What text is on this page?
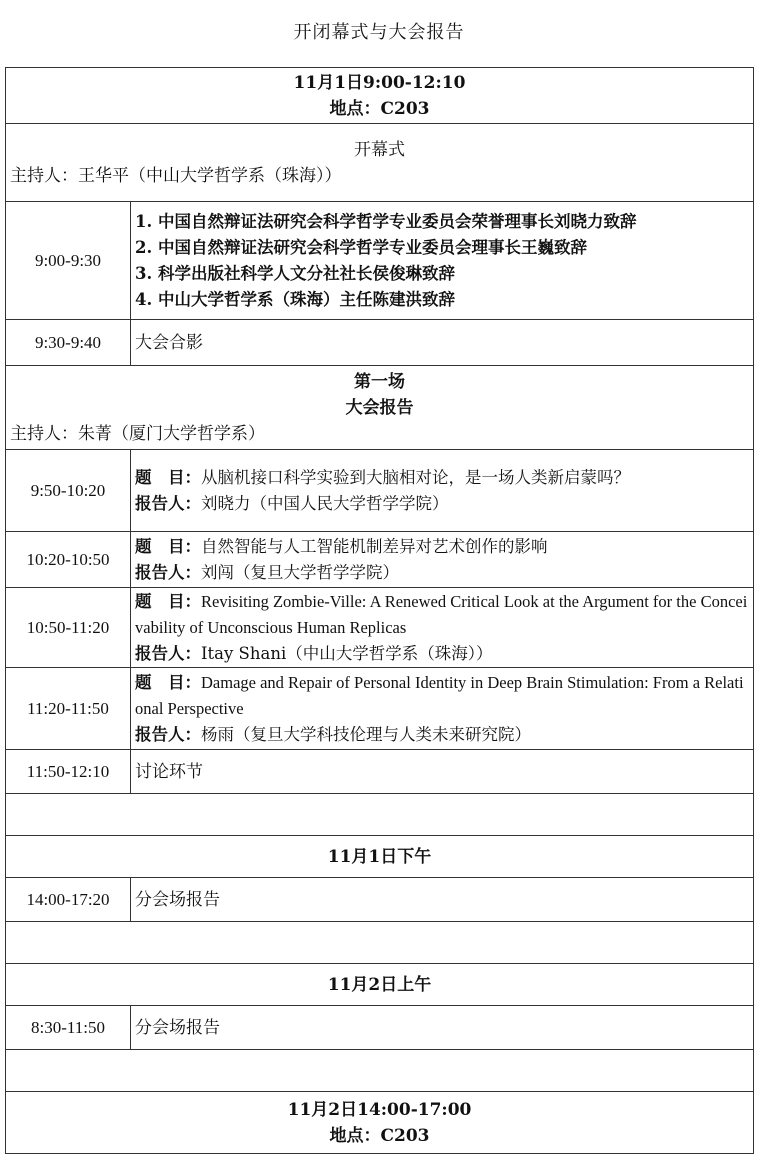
开闭幕式与大会报告
11月1日9:00-12:10
地点：C203	

开幕式
主持人：王华平（中山大学哲学系（珠海））	

9:00-9:30	1. 中国自然辩证法研究会科学哲学专业委员会荣誉理事长刘晓力致辞
2. 中国自然辩证法研究会科学哲学专业委员会理事长王巍致辞
3. 科学出版社科学人文分社社长侯俊琳致辞
4. 中山大学哲学系（珠海）主任陈建洪致辞

9:30-9:40	大会合影

第一场
大会报告
主持人：朱菁（厦门大学哲学系）	

9:50-10:20	题　目：从脑机接口科学实验到大脑相对论，是一场人类新启蒙吗？
报告人：刘晓力（中国人民大学哲学学院）

10:20-10:50	题　目：自然智能与人工智能机制差异对艺术创作的影响
报告人：刘闯（复旦大学哲学学院）

10:50-11:20	题　目：Revisiting Zombie-Ville: A Renewed Critical Look at the Argument for the Conceivability of Unconscious Human Replicas
报告人：Itay Shani（中山大学哲学系（珠海））

11:20-11:50	题　目：Damage and Repair of Personal Identity in Deep Brain Stimulation: From a Relational Perspective
报告人：杨雨（复旦大学科技伦理与人类未来研究院）

11:50-12:10	讨论环节

11月1日下午	
14:00-17:20	分会场报告

11月2日上午	
8:30-11:50	分会场报告

11月2日14:00-17:00
地点：C203	
